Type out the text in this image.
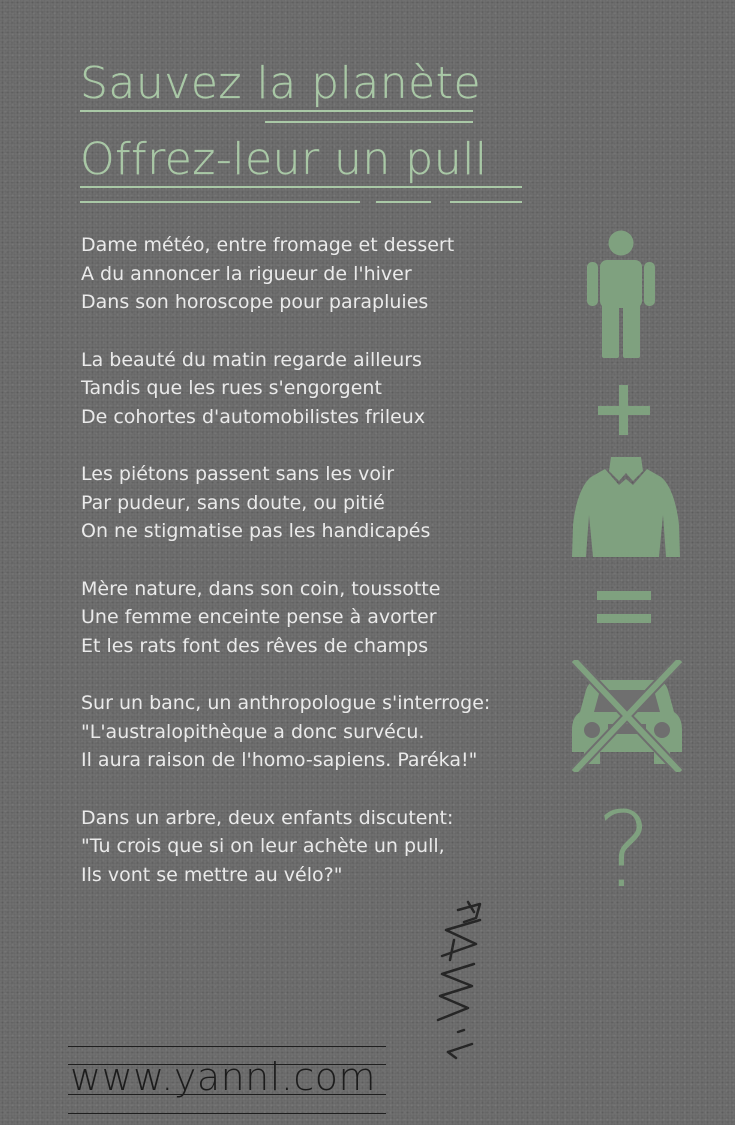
Sauvez la planète
Offrez-leur un pull

Dame météo, entre fromage et dessert

A du annoncer la rigueur de l'hiver

Dans son horoscope pour parapluies

La beauté du matin regarde ailleurs

Tandis que les rues s'engorgent

De cohortes d'automobilistes frileux

Les piétons passent sans les voir

Par pudeur, sans doute, ou pitié

On ne stigmatise pas les handicapés

Mère nature, dans son coin, toussotte

Une femme enceinte pense à avorter

Et les rats font des rêves de champs

Sur un banc, un anthropologue s'interroge:

"L'australopithèque a donc survécu.

Il aura raison de l'homo-sapiens. Paréka!"

Dans un arbre, deux enfants discutent:

"Tu crois que si on leur achète un pull,

Ils vont se mettre au vélo?"	?
www.yannl.com
